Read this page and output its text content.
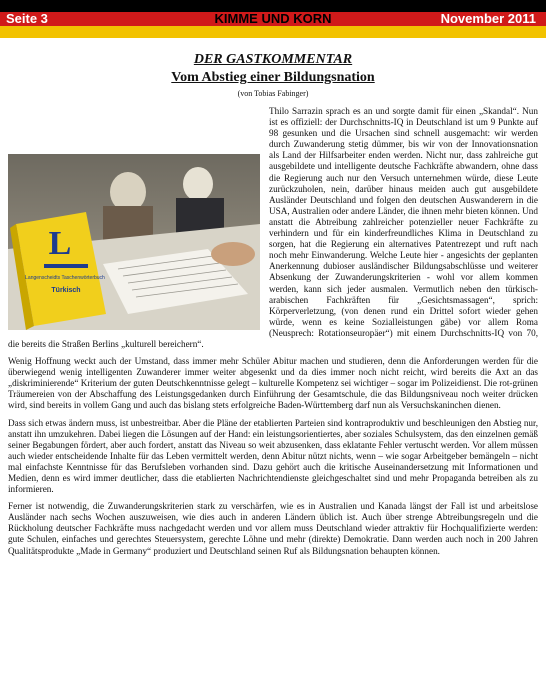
Seite 3	KIMME UND KORN	November 2011
DER GASTKOMMENTAR
Vom Abstieg einer Bildungsnation
(von Tobias Fabinger)
L
Langenscheidts Taschenwörterbuch
Türkisch

Thilo Sarrazin sprach es an und sorgte damit für einen „Skandal“. Nun ist es offiziell: der Durchschnitts-IQ in Deutschland ist um 9 Punkte auf 98 gesunken und die Ursachen sind schnell ausgemacht: wir werden durch Zuwanderung stetig dümmer, bis wir von der Innovationsnation als Land der Hilfsarbeiter enden werden. Nicht nur, dass zahlreiche gut ausgebildete und intelligente deutsche Fachkräfte abwandern, ohne dass die Regierung auch nur den Versuch unternehmen würde, diese Leute zurückzuholen, nein, darüber hinaus meiden auch gut ausgebildete Ausländer Deutschland und folgen den deutschen Auswanderern in die USA, Australien oder andere Länder, die ihnen mehr bieten können. Und anstatt die Abtreibung zahlreicher potenzieller neuer Fachkräfte zu verhindern und für ein kinderfreundliches Klima in Deutschland zu sorgen, hat die Regierung ein alternatives Patentrezept und ruft nach noch mehr Einwanderung. Welche Leute hier - angesichts der geplanten Anerkennung dubioser ausländischer Bildungsabschlüsse und weiterer Absenkung der Zuwanderungskriterien - wohl vor allem kommen werden, kann sich jeder ausmalen. Vermutlich neben den türkisch-arabischen Fachkräften für „Gesichtsmassagen“, sprich: Körperverletzung, (von denen rund ein Drittel sofort wieder gehen würde, wenn es keine Sozialleistungen gäbe) vor allem Roma (Neusprech: Rotationseuropäer“) mit einem Durchschnitts-IQ von 70, die bereits die Straßen Berlins „kulturell bereichern“.

Wenig Hoffnung weckt auch der Umstand, dass immer mehr Schüler Abitur machen und studieren, denn die Anforderungen werden für die überwiegend wenig intelligenten Zuwanderer immer weiter abgesenkt und da dies immer noch nicht reicht, wird bereits die Axt an das „diskriminierende“ Kriterium der guten Deutschkenntnisse gelegt – kulturelle Kompetenz sei wichtiger – sogar im Polizeidienst. Die rot-grünen Träumereien von der Abschaffung des Leistungsgedanken durch Einführung der Gesamtschule, die das Bildungsniveau noch weiter drücken wird, sind bereits in vollem Gang und auch das bislang stets erfolgreiche Baden-Württemberg darf nun als Versuchskaninchen dienen.

Dass sich etwas ändern muss, ist unbestreitbar. Aber die Pläne der etablierten Parteien sind kontraproduktiv und beschleunigen den Abstieg nur, anstatt ihn umzukehren. Dabei liegen die Lösungen auf der Hand: ein leistungsorientiertes, aber soziales Schulsystem, das den einzelnen gemäß seiner Begabungen fördert, aber auch fordert, anstatt das Niveau so weit abzusenken, dass eklatante Fehler vertuscht werden. Vor allem müssen auch wieder entscheidende Inhalte für das Leben vermittelt werden, denn Abitur nützt nichts, wenn – wie sogar Arbeitgeber bemängeln – nicht mal einfachste Kenntnisse für das Berufsleben vorhanden sind. Dazu gehört auch die kritische Auseinandersetzung mit Informationen und Medien, denn es wird immer deutlicher, dass die etablierten Nachrichtendienste gleichgeschaltet sind und mehr Propaganda betreiben als zu informieren.

Ferner ist notwendig, die Zuwanderungskriterien stark zu verschärfen, wie es in Australien und Kanada längst der Fall ist und arbeitslose Ausländer nach sechs Wochen auszuweisen, wie dies auch in anderen Ländern üblich ist. Auch über strenge Abtreibungsregeln und die Rückholung deutscher Fachkräfte muss nachgedacht werden und vor allem muss Deutschland wieder attraktiv für Hochqualifizierte werden: gute Schulen, einfaches und gerechtes Steuersystem, gerechte Löhne und mehr (direkte) Demokratie. Dann werden auch noch in 200 Jahren Qualitätsprodukte „Made in Germany“ produziert und Deutschland seinen Ruf als Bildungsnation behaupten können.
